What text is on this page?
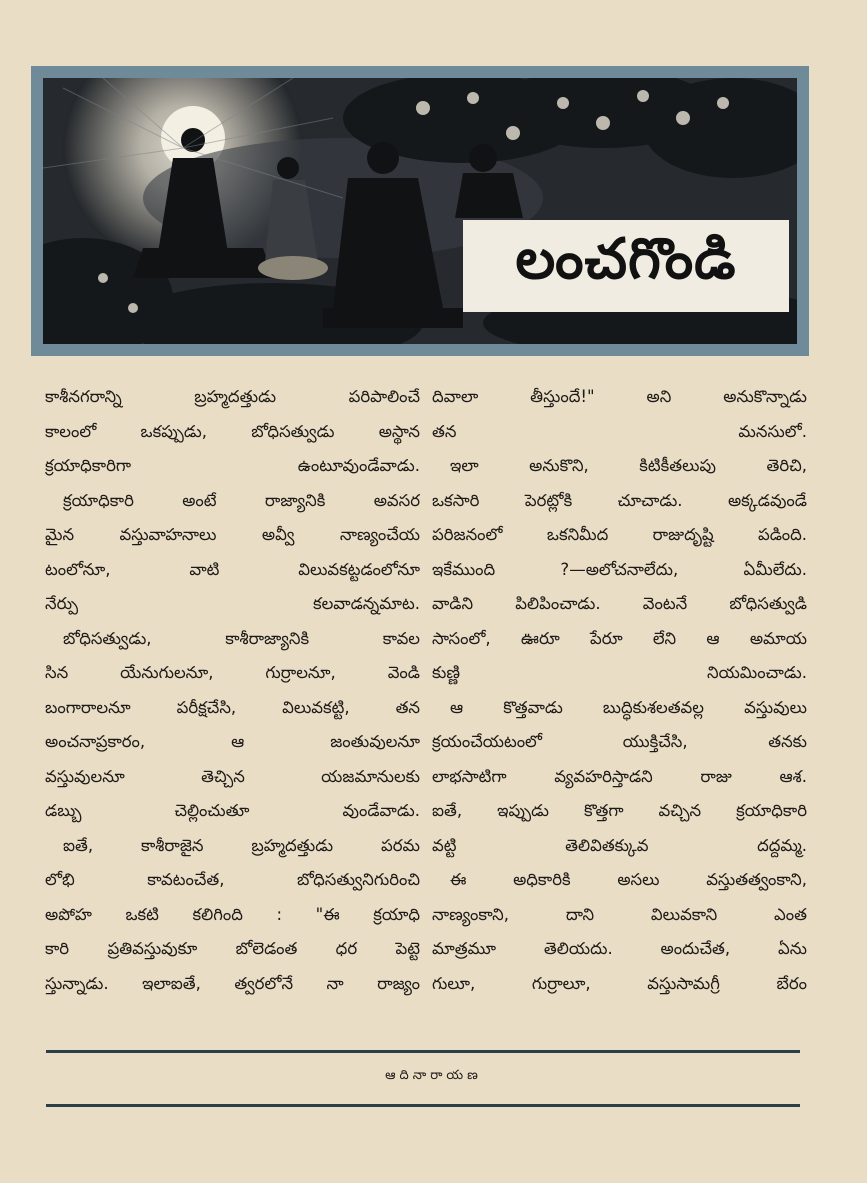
లంచగొండి
కాశీనగరాన్ని బ్రహ్మదత్తుడు పరిపాలించే
కాలంలో ఒకప్పుడు, బోధిసత్వుడు అస్థాన
క్రయాధికారిగా ఉంటూవుండేవాడు.
క్రయాధికారి అంటే రాజ్యానికి అవసర
మైన వస్తువాహనాలు అవ్వీ నాణ్యంచేయ
టంలోనూ, వాటి విలువకట్టడంలోనూ
నేర్పు కలవాడన్నమాట.
బోధిసత్వుడు, కాశీరాజ్యానికి కావల
సిన యేనుగులనూ, గుర్రాలనూ, వెండి
బంగారాలనూ పరీక్షచేసి, విలువకట్టి, తన
అంచనాప్రకారం, ఆ జంతువులనూ
వస్తువులనూ తెచ్చిన యజమానులకు
డబ్బు చెల్లించుతూ వుండేవాడు.
ఐతే, కాశీరాజైన బ్రహ్మదత్తుడు పరమ
లోభి కావటంచేత, బోధిసత్వునిగురించి
అపోహ ఒకటి కలిగింది : "ఈ క్రయాధి
కారి ప్రతివస్తువుకూ బోలెడంత ధర పెట్టె
స్తున్నాడు. ఇలాఐతే, త్వరలోనే నా రాజ్యం
దివాలా తీస్తుందే!" అని అనుకొన్నాడు
తన మనసులో.
ఇలా అనుకొని, కిటికీతలుపు తెరిచి,
ఒకసారి పెరట్లోకి చూచాడు. అక్కడవుండే
పరిజనంలో ఒకనిమీద రాజుదృష్టి పడింది.
ఇకేముంది ?—అలోచనాలేదు, ఏమీలేదు.
వాడిని పిలిపించాడు. వెంటనే బోధిసత్వుడి
సాసంలో, ఊరూ పేరూ లేని ఆ అమాయ
కుణ్ణి నియమించాడు.
ఆ కొత్తవాడు బుద్ధికుశలతవల్ల వస్తువులు
క్రయంచేయటంలో యుక్తిచేసి, తనకు
లాభసాటిగా వ్యవహరిస్తాడని రాజు ఆశ.
ఐతే, ఇప్పుడు కొత్తగా వచ్చిన క్రయాధికారి
వట్టి తెలివితక్కువ దద్దమ్మ.
ఈ అధికారికి అసలు వస్తుతత్వంకాని,
నాణ్యంకాని, దాని విలువకాని ఎంత
మాత్రమూ తెలియదు. అందుచేత, ఏను
గులూ, గుర్రాలూ, వస్తుసామగ్రీ బేరం
ఆదినారాయణ
